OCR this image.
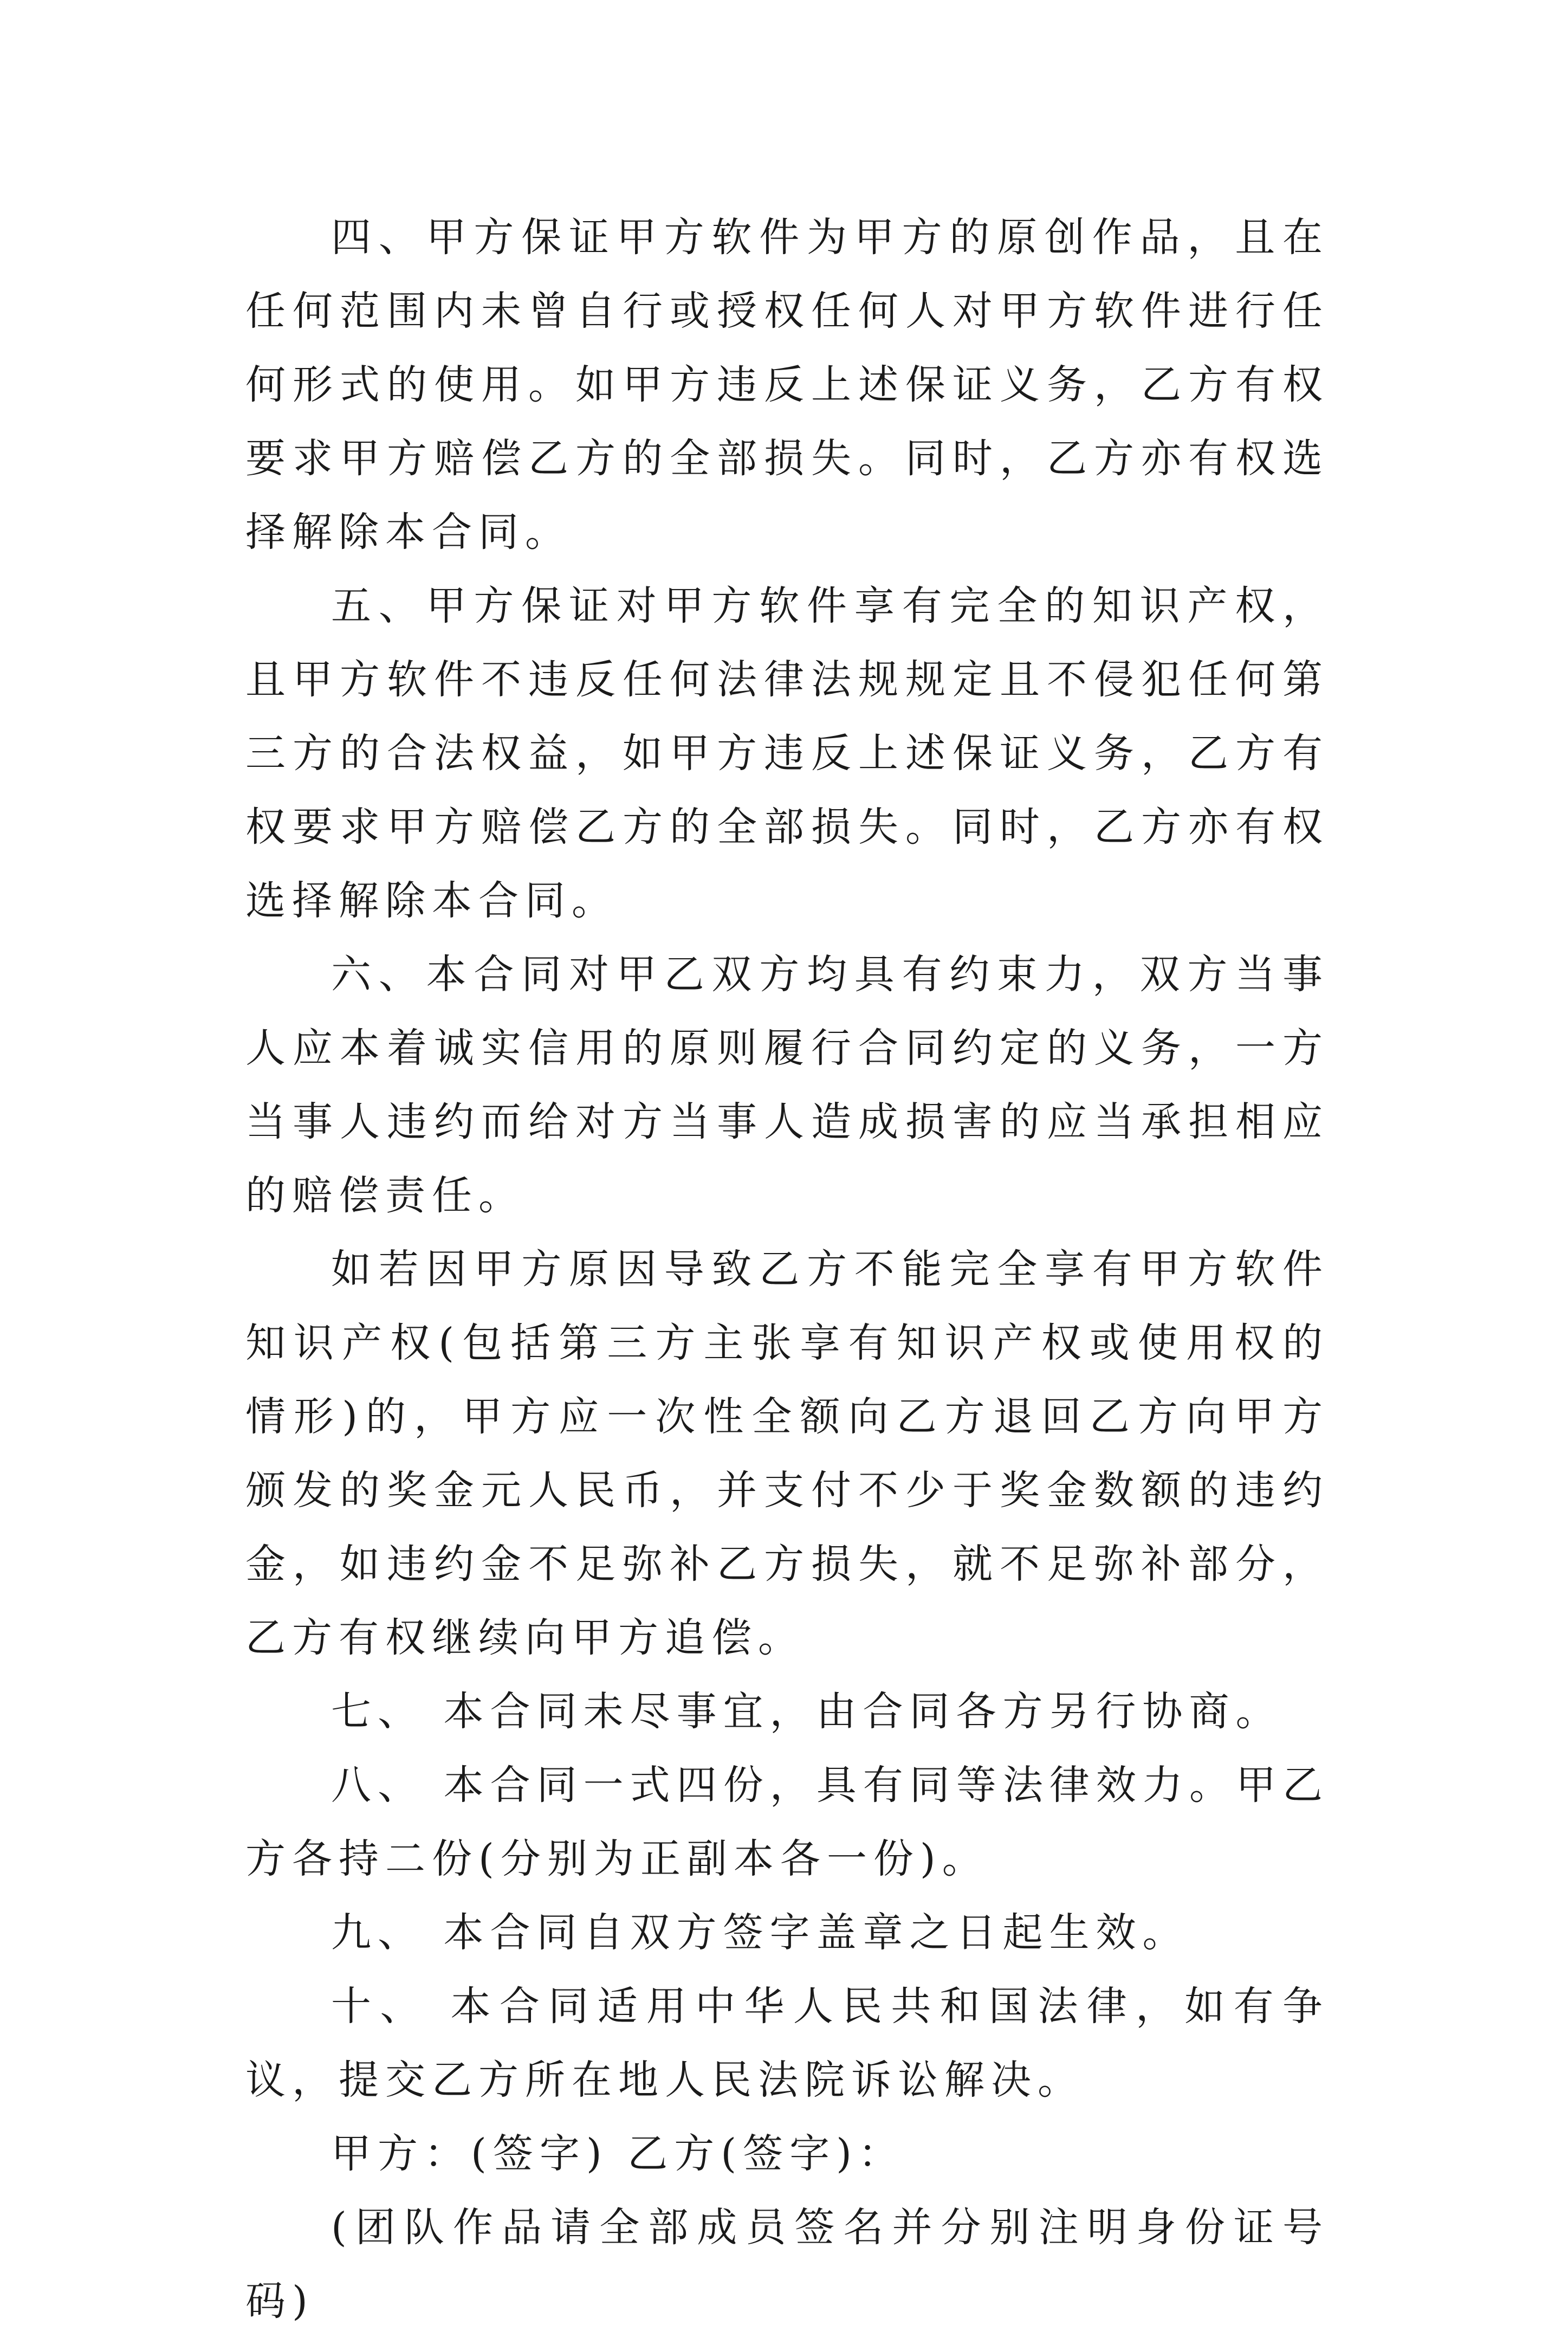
四、甲方保证甲方软件为甲方的原创作品，且在任何范围内未曾自行或授权任何人对甲方软件进行任何形式的使用。如甲方违反上述保证义务，乙方有权要求甲方赔偿乙方的全部损失。同时，乙方亦有权选择解除本合同。

五、甲方保证对甲方软件享有完全的知识产权，且甲方软件不违反任何法律法规规定且不侵犯任何第三方的合法权益，如甲方违反上述保证义务，乙方有权要求甲方赔偿乙方的全部损失。同时，乙方亦有权选择解除本合同。

六、本合同对甲乙双方均具有约束力，双方当事人应本着诚实信用的原则履行合同约定的义务，一方当事人违约而给对方当事人造成损害的应当承担相应的赔偿责任。

如若因甲方原因导致乙方不能完全享有甲方软件知识产权(包括第三方主张享有知识产权或使用权的情形)的，甲方应一次性全额向乙方退回乙方向甲方颁发的奖金元人民币，并支付不少于奖金数额的违约金，如违约金不足弥补乙方损失，就不足弥补部分，乙方有权继续向甲方追偿。

七、 本合同未尽事宜，由合同各方另行协商。

八、 本合同一式四份，具有同等法律效力。甲乙方各持二份(分别为正副本各一份)。

九、 本合同自双方签字盖章之日起生效。

十、 本合同适用中华人民共和国法律，如有争议，提交乙方所在地人民法院诉讼解决。

甲方：(签字) 乙方(签字)：

(团队作品请全部成员签名并分别注明身份证号码)
